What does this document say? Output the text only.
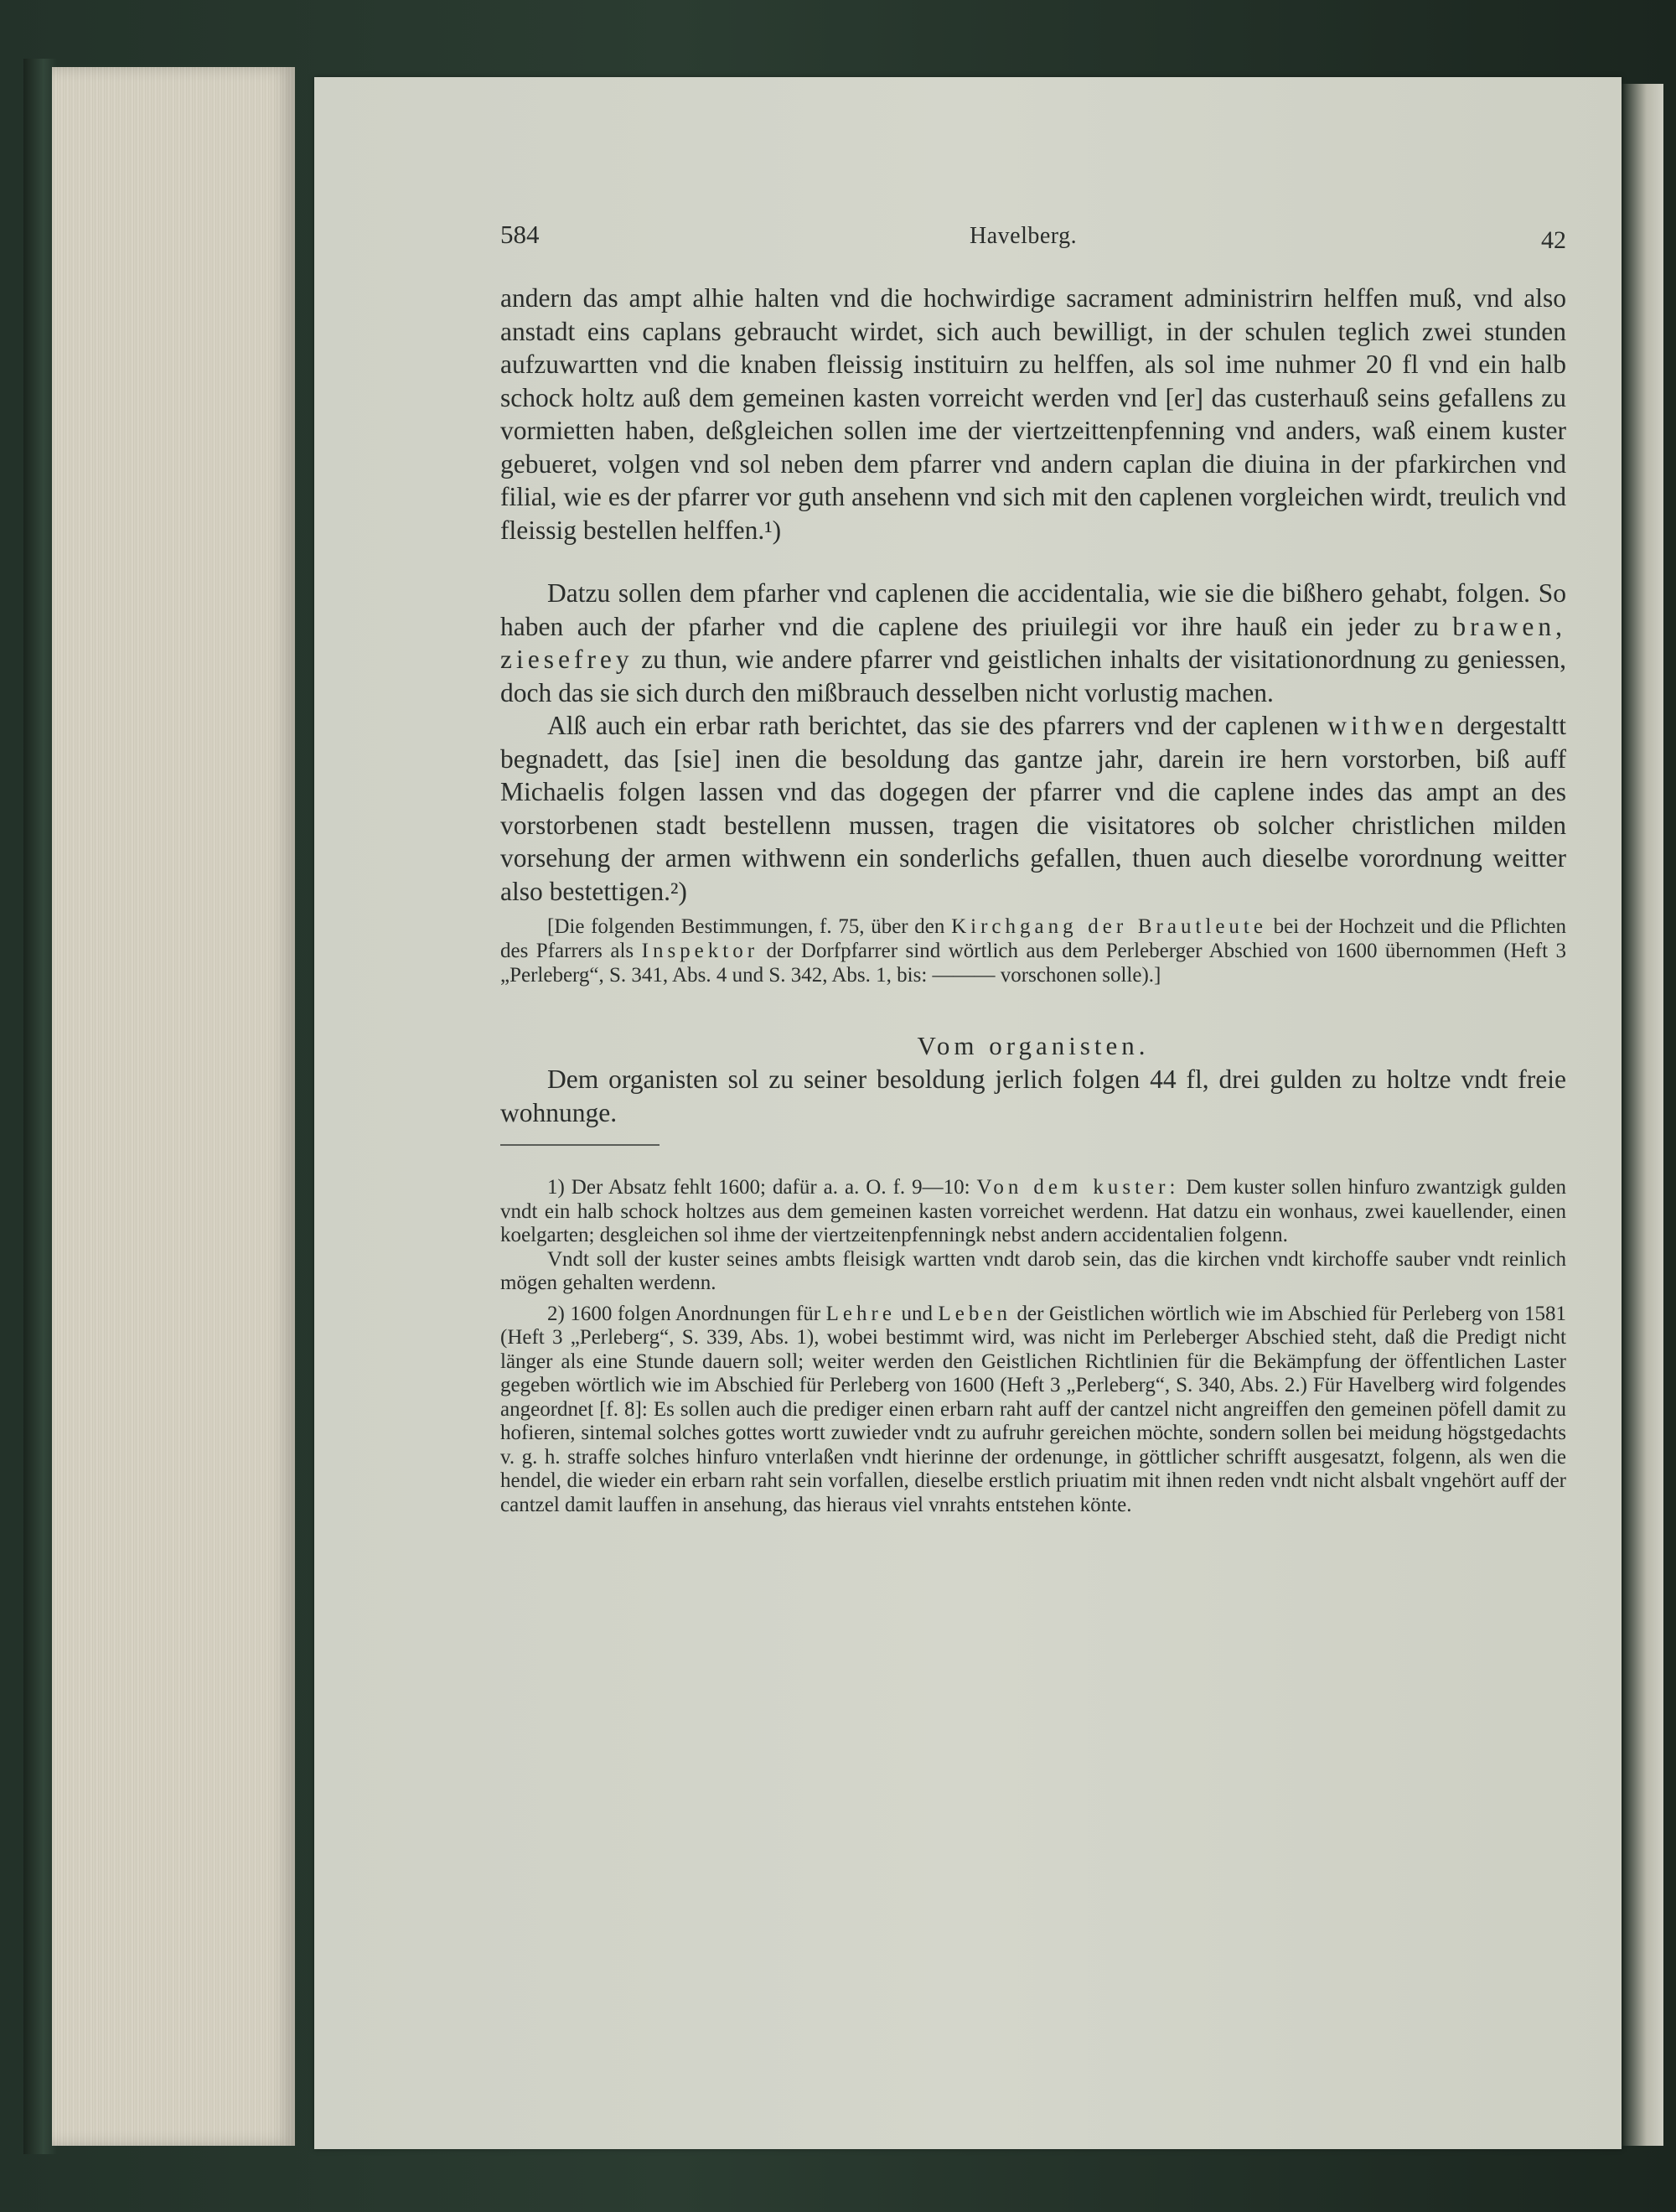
584	Havelberg.	42

andern das ampt alhie halten vnd die hochwirdige sacrament administrirn helffen muß, vnd also anstadt eins caplans gebraucht wirdet, sich auch bewilligt, in der schulen teglich zwei stunden aufzuwartten vnd die knaben fleissig instituirn zu helffen, als sol ime nuhmer 20 fl vnd ein halb schock holtz auß dem gemeinen kasten vorreicht werden vnd [er] das custerhauß seins gefallens zu vormietten haben, deßgleichen sollen ime der viertzeittenpfenning vnd anders, waß einem kuster gebueret, volgen vnd sol neben dem pfarrer vnd andern caplan die diuina in der pfarkirchen vnd filial, wie es der pfarrer vor guth ansehenn vnd sich mit den caplenen vorgleichen wirdt, treulich vnd fleissig bestellen helffen.¹)

Datzu sollen dem pfarher vnd caplenen die accidentalia, wie sie die bißhero gehabt, folgen. So haben auch der pfarher vnd die caplene des priuilegii vor ihre hauß ein jeder zu brawen, ziesefrey zu thun, wie andere pfarrer vnd geistlichen inhalts der visitationordnung zu geniessen, doch das sie sich durch den mißbrauch desselben nicht vorlustig machen.

Alß auch ein erbar rath berichtet, das sie des pfarrers vnd der caplenen withwen dergestaltt begnadett, das [sie] inen die besoldung das gantze jahr, darein ire hern vorstorben, biß auff Michaelis folgen lassen vnd das dogegen der pfarrer vnd die caplene indes das ampt an des vorstorbenen stadt bestellenn mussen, tragen die visitatores ob solcher christlichen milden vorsehung der armen withwenn ein sonderlichs gefallen, thuen auch dieselbe vorordnung weitter also bestettigen.²)

[Die folgenden Bestimmungen, f. 75, über den Kirchgang der Brautleute bei der Hochzeit und die Pflichten des Pfarrers als Inspektor der Dorfpfarrer sind wörtlich aus dem Perleberger Abschied von 1600 übernommen (Heft 3 „Perleberg“, S. 341, Abs. 4 und S. 342, Abs. 1, bis: ——— vorschonen solle).]

Vom organisten.

Dem organisten sol zu seiner besoldung jerlich folgen 44 fl, drei gulden zu holtze vndt freie wohnunge.

1) Der Absatz fehlt 1600; dafür a. a. O. f. 9—10: Von dem kuster: Dem kuster sollen hinfuro zwantzigk gulden vndt ein halb schock holtzes aus dem gemeinen kasten vorreichet werdenn. Hat datzu ein wonhaus, zwei kauellender, einen koelgarten; desgleichen sol ihme der viertzeitenpfenningk nebst andern accidentalien folgenn.

Vndt soll der kuster seines ambts fleisigk wartten vndt darob sein, das die kirchen vndt kirchoffe sauber vndt reinlich mögen gehalten werdenn.

2) 1600 folgen Anordnungen für Lehre und Leben der Geistlichen wörtlich wie im Abschied für Perleberg von 1581 (Heft 3 „Perleberg“, S. 339, Abs. 1), wobei bestimmt wird, was nicht im Perleberger Abschied steht, daß die Predigt nicht länger als eine Stunde dauern soll; weiter werden den Geistlichen Richtlinien für die Bekämpfung der öffentlichen Laster gegeben wörtlich wie im Abschied für Perleberg von 1600 (Heft 3 „Perleberg“, S. 340, Abs. 2.) Für Havelberg wird folgendes angeordnet [f. 8]: Es sollen auch die prediger einen erbarn raht auff der cantzel nicht angreiffen den gemeinen pöfell damit zu hofieren, sintemal solches gottes wortt zuwieder vndt zu aufruhr gereichen möchte, sondern sollen bei meidung högstgedachts v. g. h. straffe solches hinfuro vnterlaßen vndt hierinne der ordenunge, in göttlicher schrifft ausgesatzt, folgenn, als wen die hendel, die wieder ein erbarn raht sein vorfallen, dieselbe erstlich priuatim mit ihnen reden vndt nicht alsbalt vngehört auff der cantzel damit lauffen in ansehung, das hieraus viel vnrahts entstehen könte.
